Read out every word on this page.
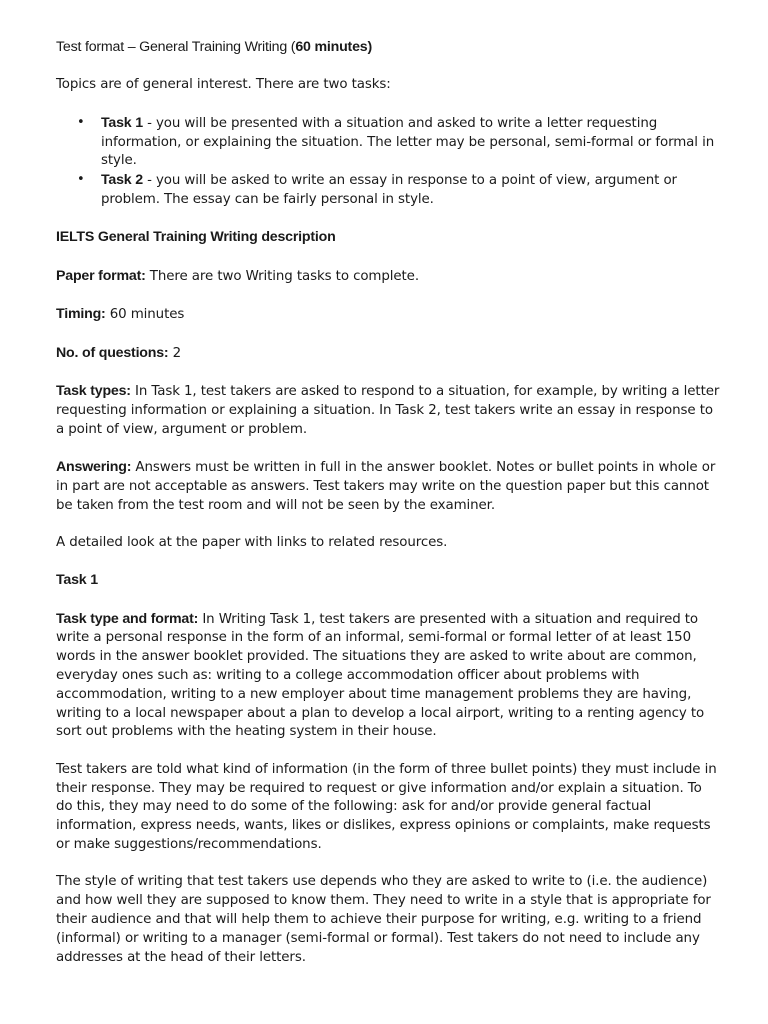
Test format – General Training Writing (60 minutes)

Topics are of general interest. There are two tasks:

• Task 1 - you will be presented with a situation and asked to write a letter requesting information, or explaining the situation. The letter may be personal, semi-formal or formal in style.
• Task 2 - you will be asked to write an essay in response to a point of view, argument or problem. The essay can be fairly personal in style.

IELTS General Training Writing description

Paper format: There are two Writing tasks to complete.

Timing: 60 minutes

No. of questions: 2

Task types: In Task 1, test takers are asked to respond to a situation, for example, by writing a letter requesting information or explaining a situation. In Task 2, test takers write an essay in response to a point of view, argument or problem.

Answering: Answers must be written in full in the answer booklet. Notes or bullet points in whole or in part are not acceptable as answers. Test takers may write on the question paper but this cannot be taken from the test room and will not be seen by the examiner.

A detailed look at the paper with links to related resources.

Task 1

Task type and format: In Writing Task 1, test takers are presented with a situation and required to write a personal response in the form of an informal, semi-formal or formal letter of at least 150 words in the answer booklet provided. The situations they are asked to write about are common, everyday ones such as: writing to a college accommodation officer about problems with accommodation, writing to a new employer about time management problems they are having, writing to a local newspaper about a plan to develop a local airport, writing to a renting agency to sort out problems with the heating system in their house.

Test takers are told what kind of information (in the form of three bullet points) they must include in their response. They may be required to request or give information and/or explain a situation. To do this, they may need to do some of the following: ask for and/or provide general factual information, express needs, wants, likes or dislikes, express opinions or complaints, make requests or make suggestions/recommendations.

The style of writing that test takers use depends who they are asked to write to (i.e. the audience) and how well they are supposed to know them. They need to write in a style that is appropriate for their audience and that will help them to achieve their purpose for writing, e.g. writing to a friend (informal) or writing to a manager (semi-formal or formal). Test takers do not need to include any addresses at the head of their letters.
